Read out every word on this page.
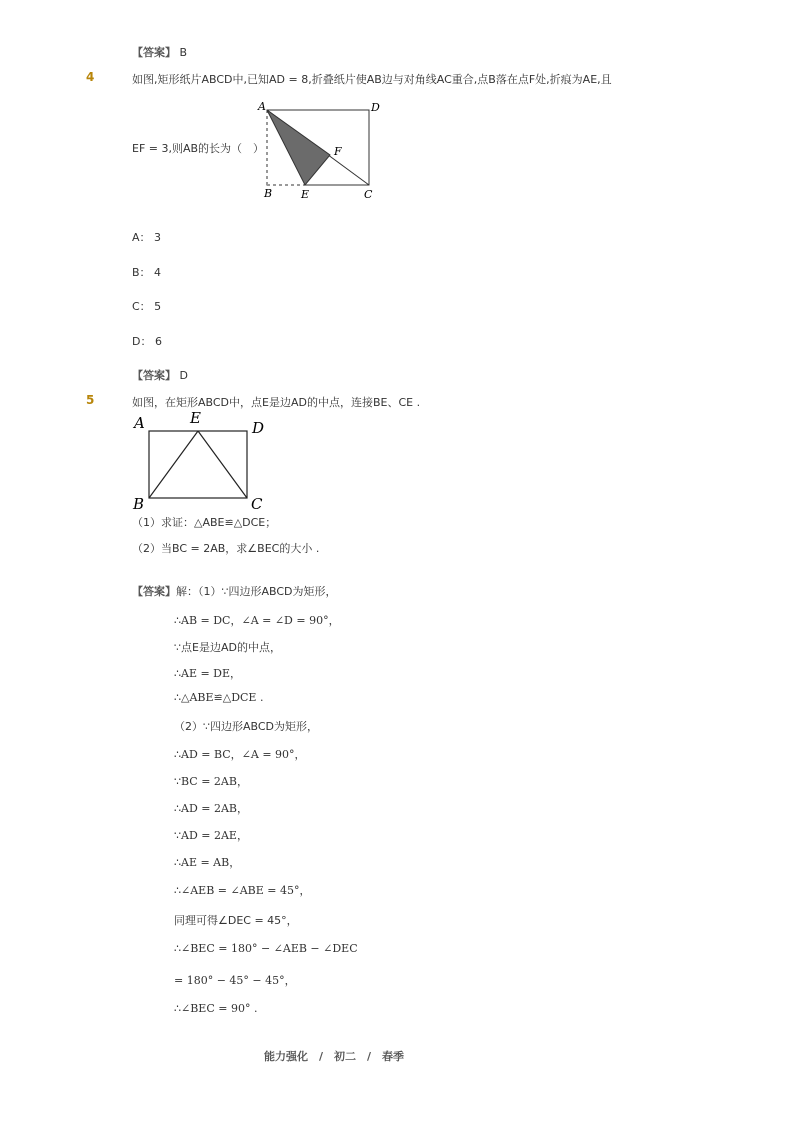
【答案】 B
4	如图,矩形纸片ABCD中,已知AD = 8,折叠纸片使AB边与对角线AC重合,点B落在点F处,折痕为AE,且
EF = 3,则AB的长为（　）
A	D
F
B	E	C
A： 3
B： 4
C： 5
D： 6
【答案】 D
5	如图，在矩形ABCD中，点E是边AD的中点，连接BE、CE .
A	E
D
B	C
（1）求证：△ABE≌△DCE；
（2）当BC = 2AB，求∠BEC的大小 .
【答案】 解：（1）∵四边形ABCD为矩形，
∴AB = DC，∠A = ∠D = 90°，
∵点E是边AD的中点，
∴AE = DE，
∴△ABE≌△DCE .
（2）∵四边形ABCD为矩形，
∴AD = BC，∠A = 90°，
∵BC = 2AB，
∴AD = 2AB，
∵AD = 2AE，
∴AE = AB，
∴∠AEB = ∠ABE = 45°，
同理可得∠DEC = 45°，
∴∠BEC = 180° − ∠AEB − ∠DEC
= 180° − 45° − 45°，
∴∠BEC = 90° .
能力强化　/　初二　/　春季
